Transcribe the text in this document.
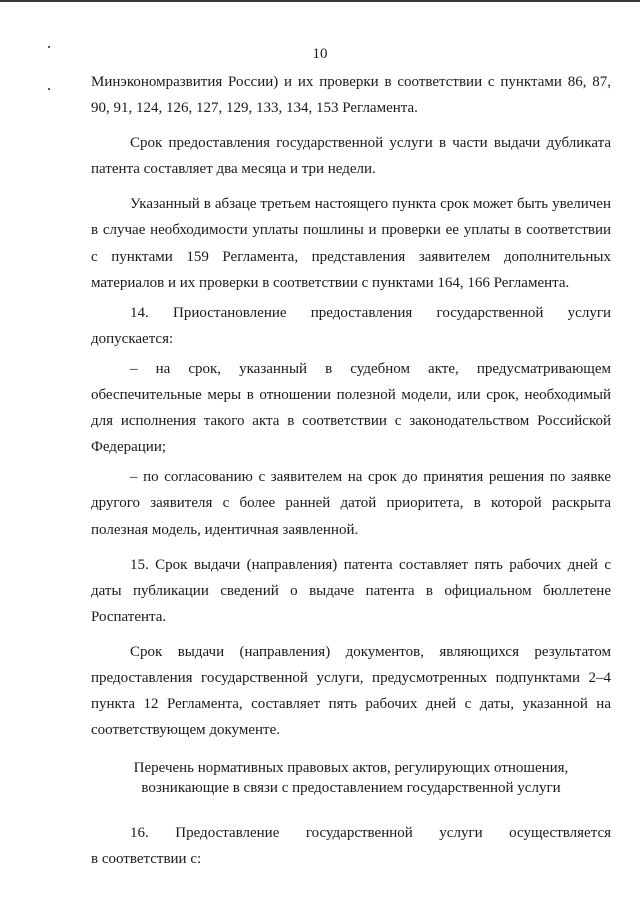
10

Минэкономразвития России) и их проверки в соответствии с пунктами 86, 87, 90, 91, 124, 126, 127, 129, 133, 134, 153 Регламента.

Срок предоставления государственной услуги в части выдачи дубликата патента составляет два месяца и три недели.

Указанный в абзаце третьем настоящего пункта срок может быть увеличен в случае необходимости уплаты пошлины и проверки ее уплаты в соответствии с пунктами 159 Регламента, представления заявителем дополнительных материалов и их проверки в соответствии с пунктами 164, 166 Регламента.

14. Приостановление предоставления государственной услуги допускается:

– на срок, указанный в судебном акте, предусматривающем обеспечительные меры в отношении полезной модели, или срок, необходимый для исполнения такого акта в соответствии с законодательством Российской Федерации;

– по согласованию с заявителем на срок до принятия решения по заявке другого заявителя с более ранней датой приоритета, в которой раскрыта полезная модель, идентичная заявленной.

15. Срок выдачи (направления) патента составляет пять рабочих дней с даты публикации сведений о выдаче патента в официальном бюллетене Роспатента.

Срок выдачи (направления) документов, являющихся результатом предоставления государственной услуги, предусмотренных подпунктами 2–4 пункта 12 Регламента, составляет пять рабочих дней с даты, указанной на соответствующем документе.

Перечень нормативных правовых актов, регулирующих отношения,
возникающие в связи с предоставлением государственной услуги

16. Предоставление государственной услуги осуществляется

в соответствии с:
